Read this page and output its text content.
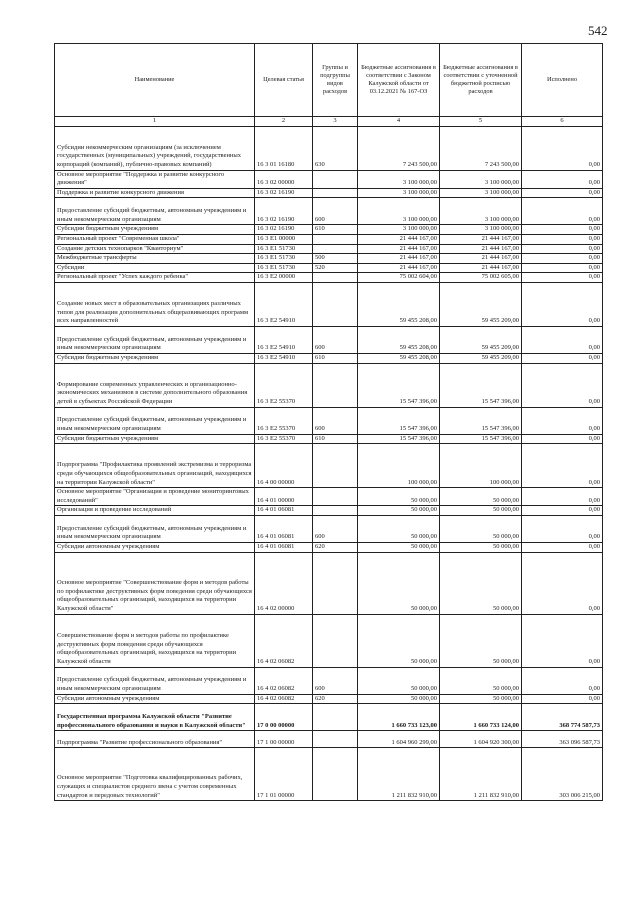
542
Наименование	Целевая статья	Группы и подгруппы видов расходов	Бюджетные ассигнования в соответствии с Законом Калужской области от 03.12.2021 № 167-ОЗ	Бюджетные ассигнования в соответствии с уточненной бюджетной росписью расходов	Исполнено
1	2	3	4	5	6
Субсидии некоммерческим организациям (за исключением государственных (муниципальных) учреждений, государственных корпораций (компаний), публично-правовых компаний)	16 3 01 16180	630	7 243 500,00	7 243 500,00	0,00
Основное мероприятие "Поддержка и развитие конкурсного движения"	16 3 02 00000		3 100 000,00	3 100 000,00	0,00
Поддержка и развитие конкурсного движения	16 3 02 16190		3 100 000,00	3 100 000,00	0,00
Предоставление субсидий бюджетным, автономным учреждениям и иным некоммерческим организациям	16 3 02 16190	600	3 100 000,00	3 100 000,00	0,00
Субсидии бюджетным учреждениям	16 3 02 16190	610	3 100 000,00	3 100 000,00	0,00
Региональный проект "Современная школа"	16 3 E1 00000		21 444 167,00	21 444 167,00	0,00
Создание детских технопарков "Кванториум"	16 3 E1 51730		21 444 167,00	21 444 167,00	0,00
Межбюджетные трансферты	16 3 E1 51730	500	21 444 167,00	21 444 167,00	0,00
Субсидии	16 3 E1 51730	520	21 444 167,00	21 444 167,00	0,00
Региональный проект "Успех каждого ребенка"	16 3 E2 00000		75 002 604,00	75 002 605,00	0,00
Создание новых мест в образовательных организациях различных типов для реализации дополнительных общеразвивающих программ всех направленностей	16 3 E2 54910		59 455 208,00	59 455 209,00	0,00
Предоставление субсидий бюджетным, автономным учреждениям и иным некоммерческим организациям	16 3 E2 54910	600	59 455 208,00	59 455 209,00	0,00
Субсидии бюджетным учреждениям	16 3 E2 54910	610	59 455 208,00	59 455 209,00	0,00
Формирование современных управленческих и организационно-экономических механизмов в системе дополнительного образования детей в субъектах Российской Федерации	16 3 E2 55370		15 547 396,00	15 547 396,00	0,00
Предоставление субсидий бюджетным, автономным учреждениям и иным некоммерческим организациям	16 3 E2 55370	600	15 547 396,00	15 547 396,00	0,00
Субсидии бюджетным учреждениям	16 3 E2 55370	610	15 547 396,00	15 547 396,00	0,00
Подпрограмма "Профилактика проявлений экстремизма и терроризма среди обучающихся общеобразовательных организаций, находящихся на территории Калужской области"	16 4 00 00000		100 000,00	100 000,00	0,00
Основное мероприятие "Организация и проведение мониторинговых исследований"	16 4 01 00000		50 000,00	50 000,00	0,00
Организация и проведение исследований	16 4 01 06081		50 000,00	50 000,00	0,00
Предоставление субсидий бюджетным, автономным учреждениям и иным некоммерческим организациям	16 4 01 06081	600	50 000,00	50 000,00	0,00
Субсидии автономным учреждениям	16 4 01 06081	620	50 000,00	50 000,00	0,00
Основное мероприятие "Совершенствование форм и методов работы по профилактике деструктивных форм поведения среди обучающихся общеобразовательных организаций, находящихся на территории Калужской области"	16 4 02 00000		50 000,00	50 000,00	0,00
Совершенствование форм и методов работы по профилактике деструктивных форм поведения среди обучающихся общеобразовательных организаций, находящихся на территории Калужской области	16 4 02 06082		50 000,00	50 000,00	0,00
Предоставление субсидий бюджетным, автономным учреждениям и иным некоммерческим организациям	16 4 02 06082	600	50 000,00	50 000,00	0,00
Субсидии автономным учреждениям	16 4 02 06082	620	50 000,00	50 000,00	0,00
Государственная программа Калужской области "Развитие профессионального образования и науки в Калужской области"	17 0 00 00000		1 660 733 123,00	1 660 733 124,00	368 774 587,73
Подпрограмма "Развитие профессионального образования"	17 1 00 00000		1 604 960 299,00	1 604 920 300,00	363 096 587,73
Основное мероприятие "Подготовка квалифицированных рабочих, служащих и специалистов среднего звена с учетом современных стандартов и передовых технологий"	17 1 01 00000		1 211 832 910,00	1 211 832 910,00	303 006 215,00
